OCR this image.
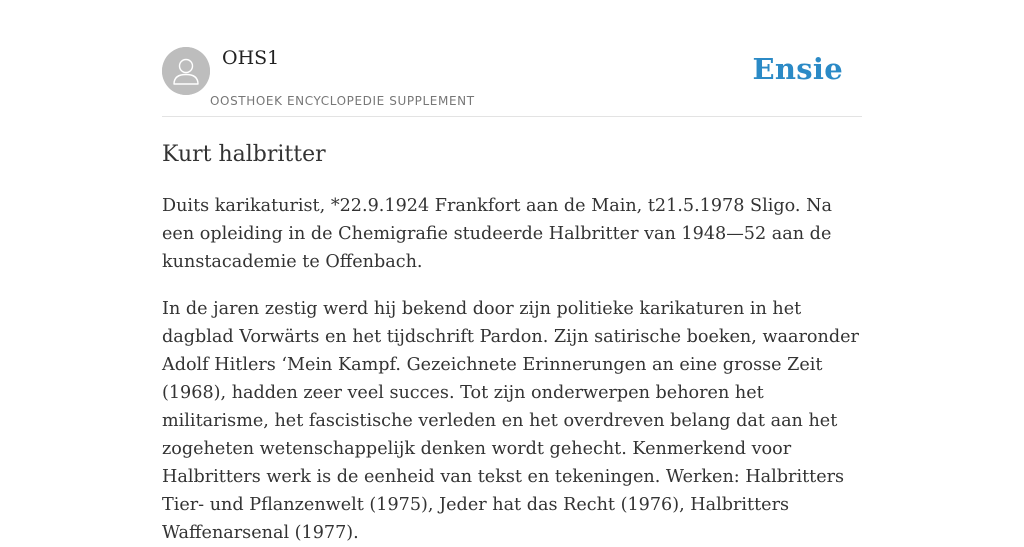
OHS1
OOSTHOEK ENCYCLOPEDIE SUPPLEMENT
Ensie
Kurt halbritter

Duits karikaturist, *22.9.1924 Frankfort aan de Main, t21.5.1978 Sligo. Na een opleiding in de Chemigrafie studeerde Halbritter van 1948—52 aan de kunstacademie te Offenbach.

In de jaren zestig werd hij bekend door zijn politieke karikaturen in het dagblad Vorwärts en het tijdschrift Pardon. Zijn satirische boeken, waaronder Adolf Hitlers ‘Mein Kampf. Gezeichnete Erinnerungen an eine grosse Zeit (1968), hadden zeer veel succes. Tot zijn onderwerpen behoren het militarisme, het fascistische verleden en het overdreven belang dat aan het zogeheten wetenschappelijk denken wordt gehecht. Kenmerkend voor Halbritters werk is de eenheid van tekst en tekeningen. Werken: Halbritters Tier- und Pflanzenwelt (1975), Jeder hat das Recht (1976), Halbritters Waffenarsenal (1977).
